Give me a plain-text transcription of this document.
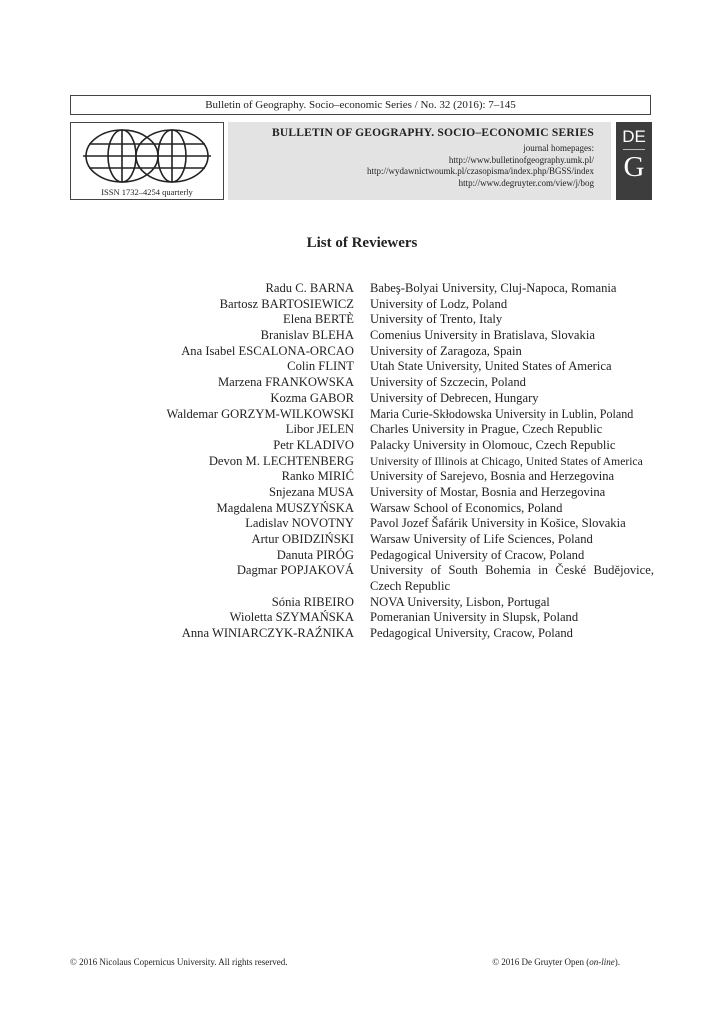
Bulletin of Geography. Socio–economic Series / No. 32 (2016): 7–145
ISSN 1732–4254 quarterly
BULLETIN OF GEOGRAPHY. SOCIO–ECONOMIC SERIES
journal homepages:
http://www.bulletinofgeography.umk.pl/
http://wydawnictwoumk.pl/czasopisma/index.php/BGSS/index
http://www.degruyter.com/view/j/bog
DE
G
List of Reviewers
Radu C. BARNA Babeş-Bolyai University, Cluj-Napoca, Romania
Bartosz BARTOSIEWICZ University of Lodz, Poland
Elena BERTÈ University of Trento, Italy
Branislav BLEHA Comenius University in Bratislava, Slovakia
Ana Isabel ESCALONA-ORCAO University of Zaragoza, Spain
Colin FLINT Utah State University, United States of America
Marzena FRANKOWSKA University of Szczecin, Poland
Kozma GABOR University of Debrecen, Hungary
Waldemar GORZYM-WILKOWSKI Maria Curie-Skłodowska University in Lublin, Poland
Libor JELEN Charles University in Prague, Czech Republic
Petr KLADIVO Palacky University in Olomouc, Czech Republic
Devon M. LECHTENBERG University of Illinois at Chicago, United States of America
Ranko MIRIĆ University of Sarejevo, Bosnia and Herzegovina
Snjezana MUSA University of Mostar, Bosnia and Herzegovina
Magdalena MUSZYŃSKA Warsaw School of Economics, Poland
Ladislav NOVOTNY Pavol Jozef Šafárik University in Košice, Slovakia
Artur OBIDZIŃSKI Warsaw University of Life Sciences, Poland
Danuta PIRÓG Pedagogical University of Cracow, Poland
Dagmar POPJAKOVÁ University of South Bohemia in České Budějovice, Czech Republic
Sónia RIBEIRO NOVA University, Lisbon, Portugal
Wioletta SZYMAŃSKA Pomeranian University in Slupsk, Poland
Anna WINIARCZYK-RAŹNIKA Pedagogical University, Cracow, Poland
© 2016 Nicolaus Copernicus University. All rights reserved.	© 2016 De Gruyter Open (on-line).
